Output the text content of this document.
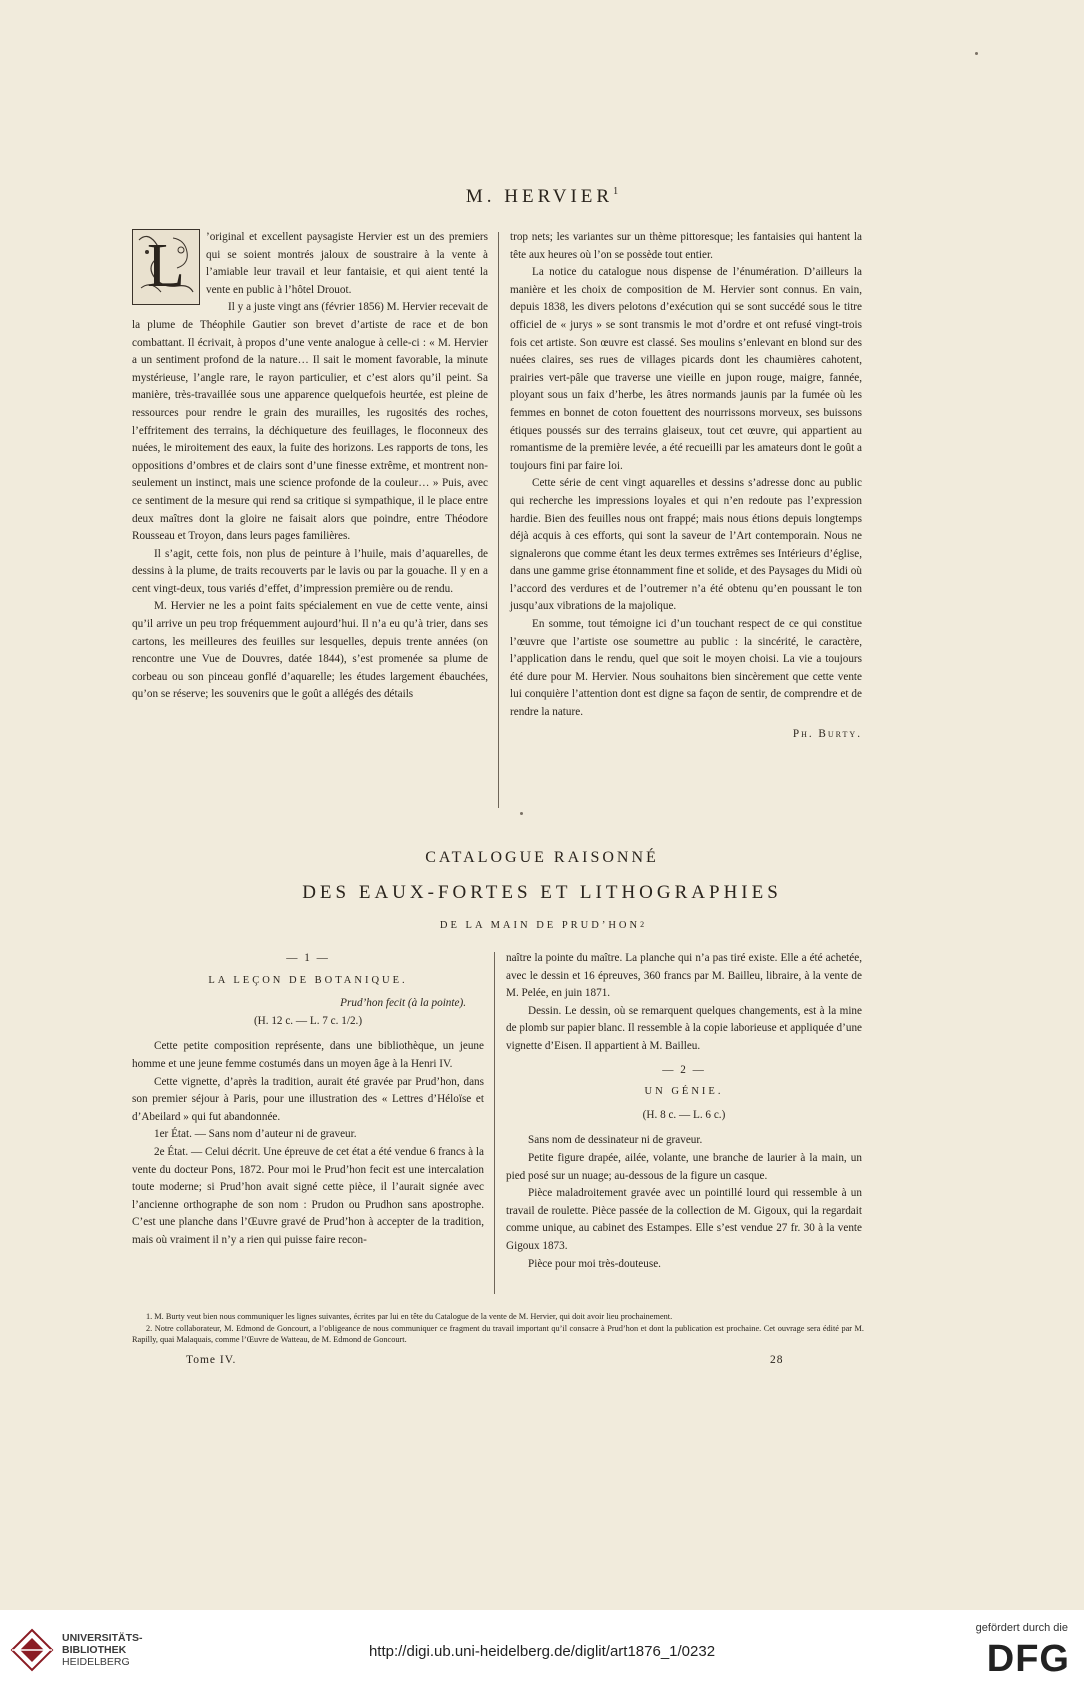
M. HERVIER$^1$
L	’original et excellent paysagiste Hervier est un des premiers qui se soient montrés jaloux de soustraire à la vente à l’amiable leur travail et leur fantaisie, et qui aient tenté la vente en public à l’hôtel Drouot.

Il y a juste vingt ans (février 1856) M. Hervier recevait de la plume de Théophile Gautier son brevet d’artiste de race et de bon combattant. Il écrivait, à propos d’une vente analogue à celle-ci : « M. Hervier a un sentiment profond de la nature… Il sait le moment favorable, la minute mystérieuse, l’angle rare, le rayon particulier, et c’est alors qu’il peint. Sa manière, très-travaillée sous une apparence quelquefois heurtée, est pleine de ressources pour rendre le grain des murailles, les rugosités des roches, l’effritement des terrains, la déchiqueture des feuillages, le floconneux des nuées, le miroitement des eaux, la fuite des horizons. Les rapports de tons, les oppositions d’ombres et de clairs sont d’une finesse extrême, et montrent non-seulement un instinct, mais une science profonde de la couleur… » Puis, avec ce sentiment de la mesure qui rend sa critique si sympathique, il le place entre deux maîtres dont la gloire ne faisait alors que poindre, entre Théodore Rousseau et Troyon, dans leurs pages familières.

Il s’agit, cette fois, non plus de peinture à l’huile, mais d’aquarelles, de dessins à la plume, de traits recouverts par le lavis ou par la gouache. Il y en a cent vingt-deux, tous variés d’effet, d’impression première ou de rendu.

M. Hervier ne les a point faits spécialement en vue de cette vente, ainsi qu’il arrive un peu trop fréquemment aujourd’hui. Il n’a eu qu’à trier, dans ses cartons, les meilleures des feuilles sur lesquelles, depuis trente années (on rencontre une Vue de Douvres, datée 1844), s’est promenée sa plume de corbeau ou son pinceau gonflé d’aquarelle; les études largement ébauchées, qu’on se réserve; les souvenirs que le goût a allégés des détails

trop nets; les variantes sur un thème pittoresque; les fantaisies qui hantent la tête aux heures où l’on se possède tout entier.

La notice du catalogue nous dispense de l’énumération. D’ailleurs la manière et les choix de composition de M. Hervier sont connus. En vain, depuis 1838, les divers pelotons d’exécution qui se sont succédé sous le titre officiel de « jurys » se sont transmis le mot d’ordre et ont refusé vingt-trois fois cet artiste. Son œuvre est classé. Ses moulins s’enlevant en blond sur des nuées claires, ses rues de villages picards dont les chaumières cahotent, prairies vert-pâle que traverse une vieille en jupon rouge, maigre, fannée, ployant sous un faix d’herbe, les âtres normands jaunis par la fumée où les femmes en bonnet de coton fouettent des nourrissons morveux, ses buissons étiques poussés sur des terrains glaiseux, tout cet œuvre, qui appartient au romantisme de la première levée, a été recueilli par les amateurs dont le goût a toujours fini par faire loi.

Cette série de cent vingt aquarelles et dessins s’adresse donc au public qui recherche les impressions loyales et qui n’en redoute pas l’expression hardie. Bien des feuilles nous ont frappé; mais nous étions depuis longtemps déjà acquis à ces efforts, qui sont la saveur de l’Art contemporain. Nous ne signalerons que comme étant les deux termes extrêmes ses Intérieurs d’église, dans une gamme grise étonnamment fine et solide, et des Paysages du Midi où l’accord des verdures et de l’outremer n’a été obtenu qu’en poussant le ton jusqu’aux vibrations de la majolique.

En somme, tout témoigne ici d’un touchant respect de ce qui constitue l’œuvre que l’artiste ose soumettre au public : la sincérité, le caractère, l’application dans le rendu, quel que soit le moyen choisi. La vie a toujours été dure pour M. Hervier. Nous souhaitons bien sincèrement que cette vente lui conquière l’attention dont est digne sa façon de sentir, de comprendre et de rendre la nature.

Ph. Burty.
CATALOGUE RAISONNÉ
DES EAUX-FORTES ET LITHOGRAPHIES
DE LA MAIN DE PRUD’HON$^2$
— 1 —
LA LEÇON DE BOTANIQUE.
Prud’hon fecit (à la pointe).
(H. 12 c. — L. 7 c. 1/2.)

Cette petite composition représente, dans une bibliothèque, un jeune homme et une jeune femme costumés dans un moyen âge à la Henri IV.

Cette vignette, d’après la tradition, aurait été gravée par Prud’hon, dans son premier séjour à Paris, pour une illustration des « Lettres d’Héloïse et d’Abeilard » qui fut abandonnée.

1er État. — Sans nom d’auteur ni de graveur.

2e État. — Celui décrit. Une épreuve de cet état a été vendue 6 francs à la vente du docteur Pons, 1872. Pour moi le Prud’hon fecit est une intercalation toute moderne; si Prud’hon avait signé cette pièce, il l’aurait signée avec l’ancienne orthographe de son nom : Prudon ou Prudhon sans apostrophe. C’est une planche dans l’Œuvre gravé de Prud’hon à accepter de la tradition, mais où vraiment il n’y a rien qui puisse faire recon-

naître la pointe du maître. La planche qui n’a pas tiré existe. Elle a été achetée, avec le dessin et 16 épreuves, 360 francs par M. Bailleu, libraire, à la vente de M. Pelée, en juin 1871.

Dessin. Le dessin, où se remarquent quelques changements, est à la mine de plomb sur papier blanc. Il ressemble à la copie laborieuse et appliquée d’une vignette d’Eisen. Il appartient à M. Bailleu.

— 2 —
UN GÉNIE.
(H. 8 c. — L. 6 c.)

Sans nom de dessinateur ni de graveur.

Petite figure drapée, ailée, volante, une branche de laurier à la main, un pied posé sur un nuage; au-dessous de la figure un casque.

Pièce maladroitement gravée avec un pointillé lourd qui ressemble à un travail de roulette. Pièce passée de la collection de M. Gigoux, qui la regardait comme unique, au cabinet des Estampes. Elle s’est vendue 27 fr. 30 à la vente Gigoux 1873.

Pièce pour moi très-douteuse.

1. M. Burty veut bien nous communiquer les lignes suivantes, écrites par lui en tête du Catalogue de la vente de M. Hervier, qui doit avoir lieu prochainement.

2. Notre collaborateur, M. Edmond de Goncourt, a l’obligeance de nous communiquer ce fragment du travail important qu’il consacre à Prud’hon et dont la publication est prochaine. Cet ouvrage sera édité par M. Rapilly, quai Malaquais, comme l’Œuvre de Watteau, de M. Edmond de Goncourt.

Tome IV.	28
UNIVERSITÄTS-
BIBLIOTHEK
HEIDELBERG
http://digi.ub.uni-heidelberg.de/diglit/art1876_1/0232
gefördert durch die
DFG
